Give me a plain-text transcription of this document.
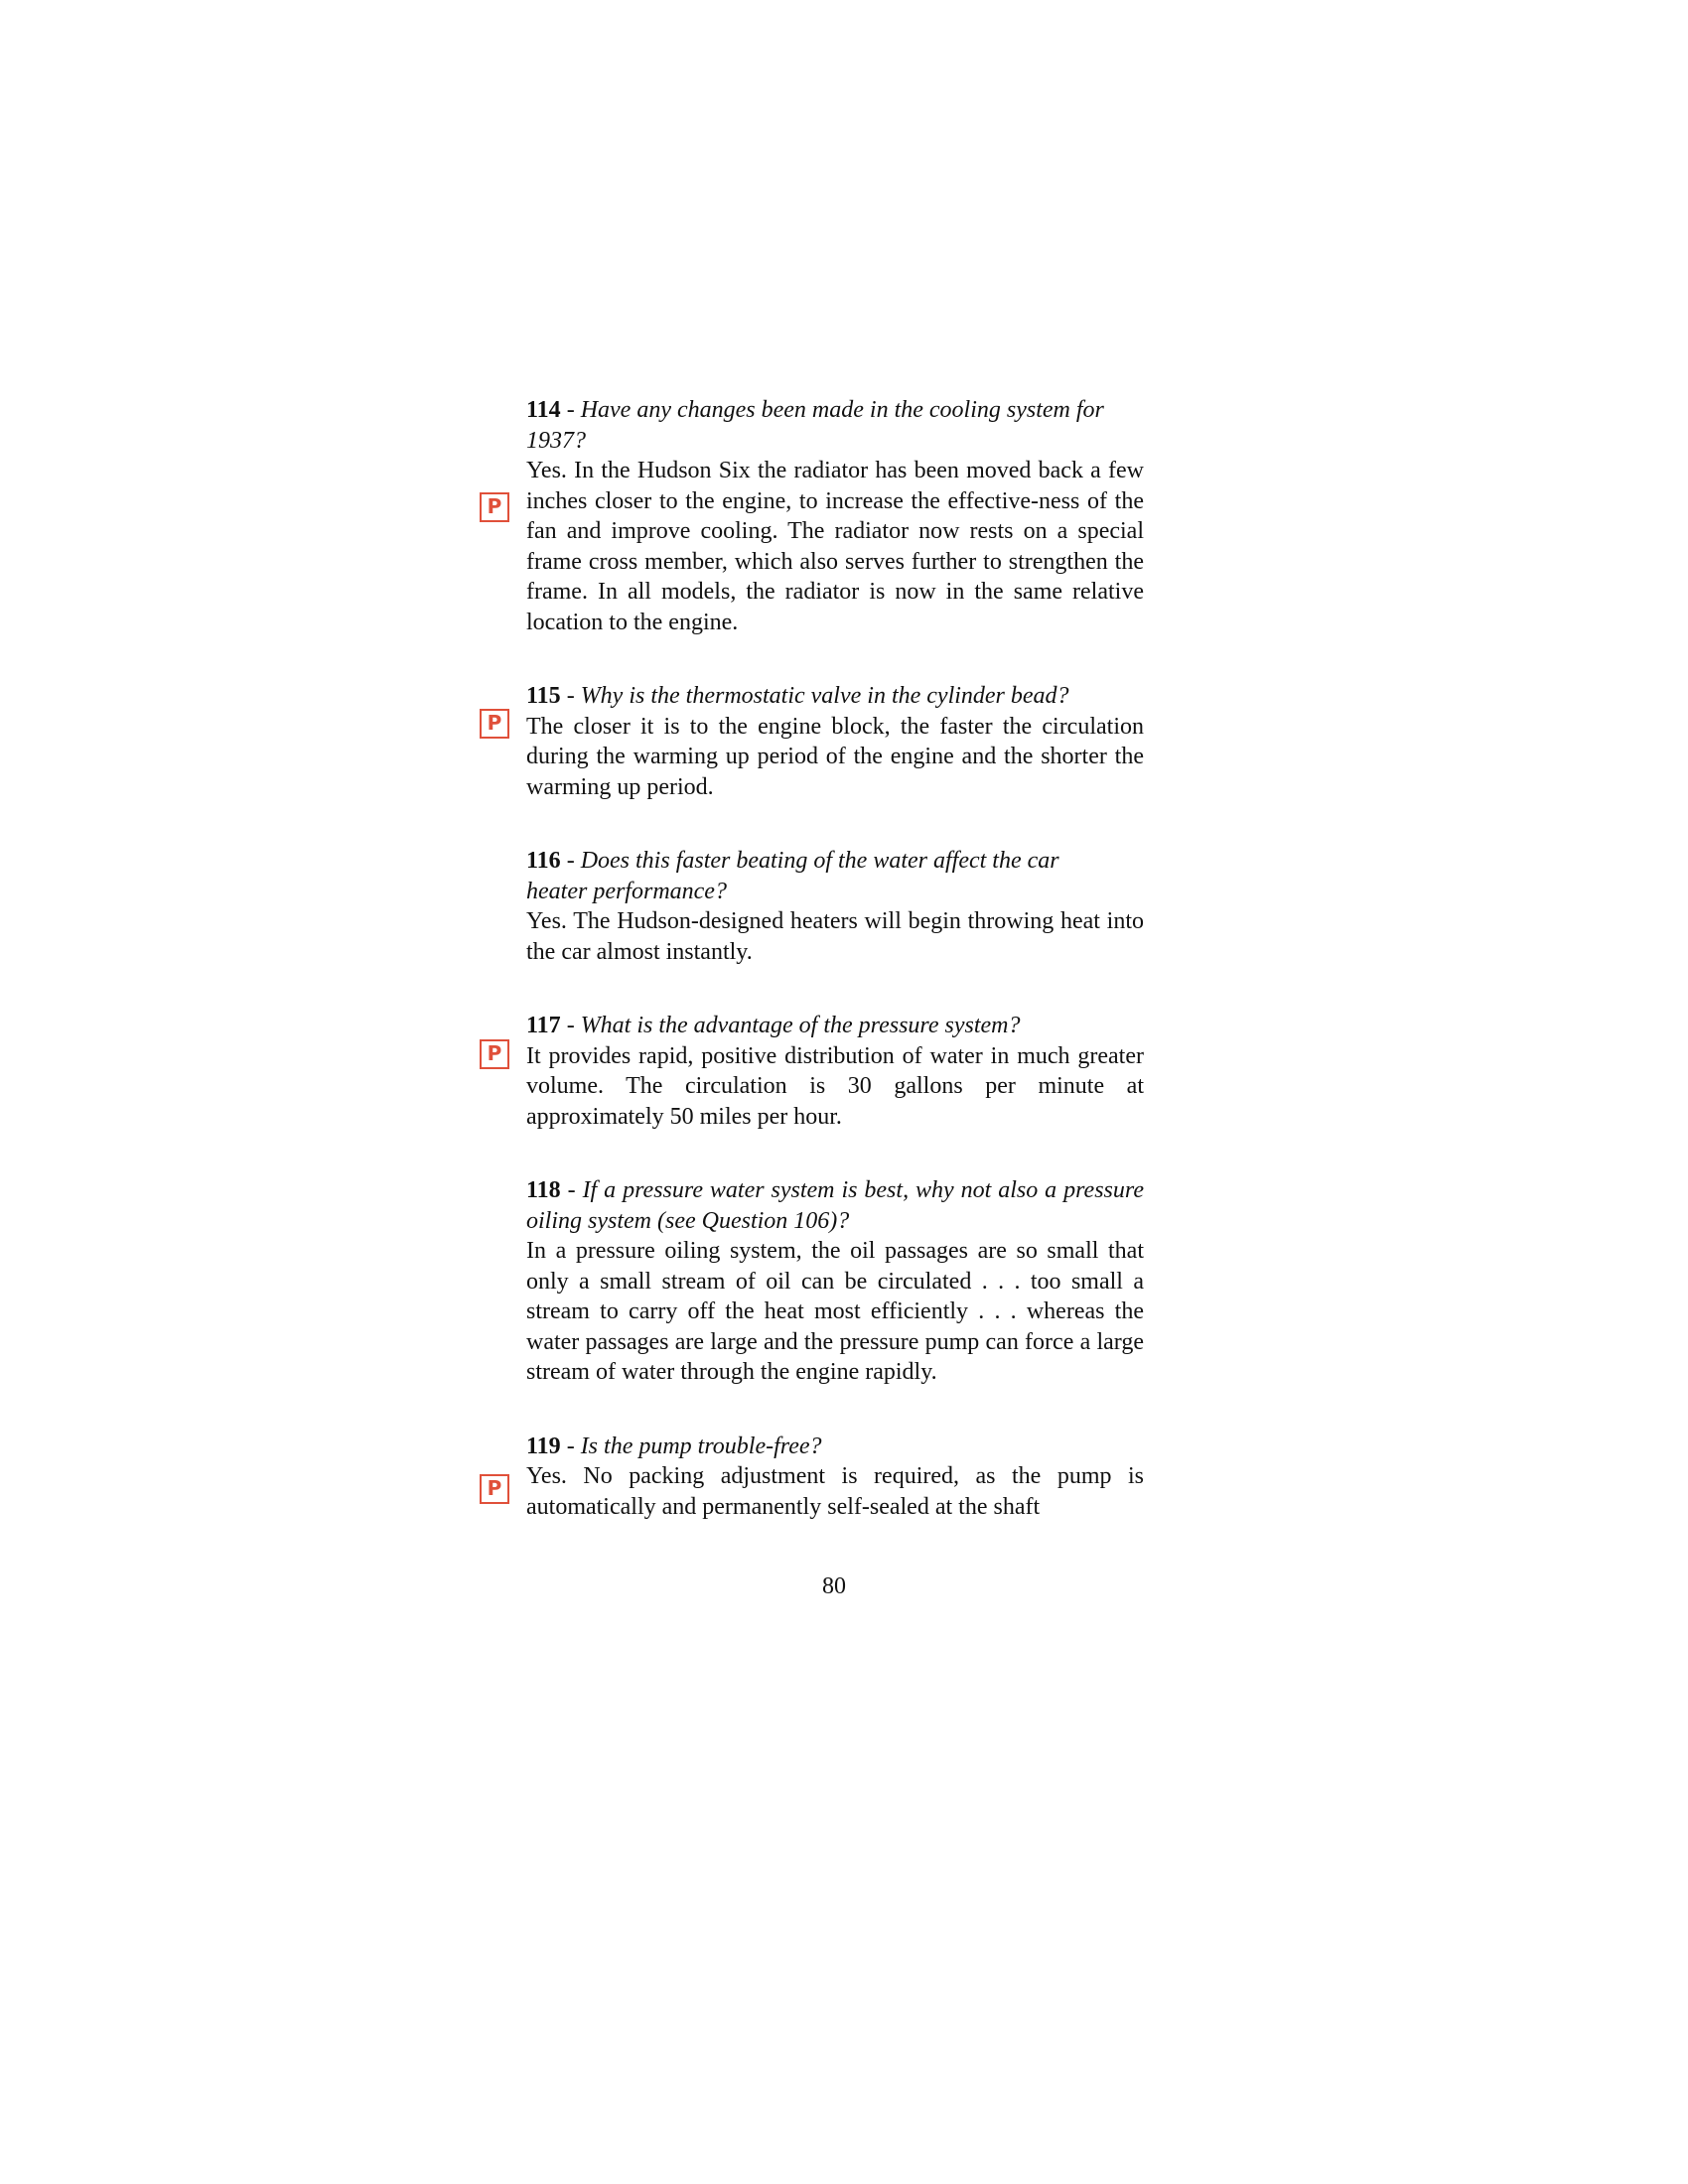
114 - Have any changes been made in the cooling system for 1937?

P

Yes. In the Hudson Six the radiator has been moved back a few inches closer to the engine, to increase the effective-ness of the fan and improve cooling. The radiator now rests on a special frame cross member, which also serves further to strengthen the frame. In all models, the radiator is now in the same relative location to the engine.

115 - Why is the thermostatic valve in the cylinder bead?

P	The closer it is to the engine block, the faster the circulation during the warming up period of the engine and the shorter the warming up period.

116 - Does this faster beating of the water affect the car heater performance?

Yes. The Hudson-designed heaters will begin throwing heat into the car almost instantly.

117 - What is the advantage of the pressure system?

P	It provides rapid, positive distribution of water in much greater volume. The circulation is 30 gallons per minute at approximately 50 miles per hour.

118 - If a pressure water system is best, why not also a pressure oiling system (see Question 106)?

In a pressure oiling system, the oil passages are so small that only a small stream of oil can be circulated . . . too small a stream to carry off the heat most efficiently . . . whereas the water passages are large and the pressure pump can force a large stream of water through the engine rapidly.

119 - Is the pump trouble-free?

P	Yes. No packing adjustment is required, as the pump is automatically and permanently self-sealed at the shaft

80
